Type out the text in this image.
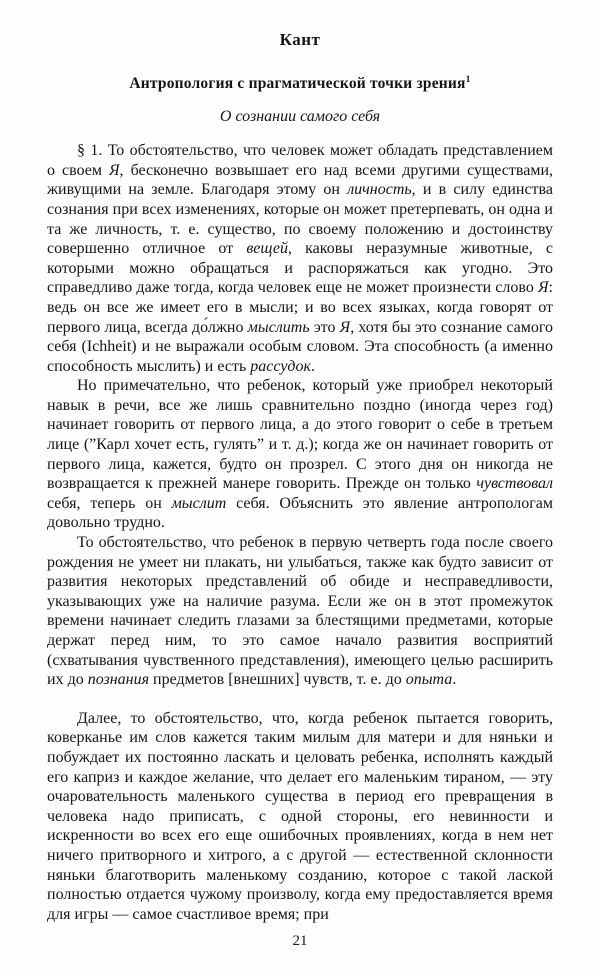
Кант
Антропология с прагматической точки зрения$^1$
О сознании самого себя

§ 1. То обстоятельство, что человек может обладать представлением о своем Я, бесконечно возвышает его над всеми другими существами, живущими на земле. Благодаря этому он личность, и в силу единства сознания при всех изменениях, которые он может претерпевать, он одна и та же личность, т. е. существо, по своему положению и достоинству совершенно отличное от вещей, каковы неразумные животные, с которыми можно обращаться и распоряжаться как угодно. Это справедливо даже тогда, когда человек еще не может произнести слово Я: ведь он все же имеет его в мысли; и во всех языках, когда говорят от первого лица, всегда до́лжно мыслить это Я, хотя бы это сознание самого себя (Ichheit) и не выражали особым словом. Эта способность (а именно способность мыслить) и есть рассудок.

Но примечательно, что ребенок, который уже приобрел некоторый навык в речи, все же лишь сравнительно поздно (иногда через год) начинает говорить от первого лица, а до этого говорит о себе в третьем лице (”Карл хочет есть, гулять” и т. д.); когда же он начинает говорить от первого лица, кажется, будто он прозрел. С этого дня он никогда не возвращается к прежней манере говорить. Прежде он только чувствовал себя, теперь он мыслит себя. Объяснить это явление антропологам довольно трудно.

То обстоятельство, что ребенок в первую четверть года после своего рождения не умеет ни плакать, ни улыбаться, также как будто зависит от развития некоторых представлений об обиде и несправедливости, указывающих уже на наличие разума. Если же он в этот промежуток времени начинает следить глазами за блестящими предметами, которые держат перед ним, то это самое начало развития восприятий (схватывания чувственного представления), имеющего целью расширить их до познания предметов [внешних] чувств, т. е. до опыта.

Далее, то обстоятельство, что, когда ребенок пытается говорить, коверканье им слов кажется таким милым для матери и для няньки и побуждает их постоянно ласкать и целовать ребенка, исполнять каждый его каприз и каждое желание, что делает его маленьким тираном, — эту очаровательность маленького существа в период его превращения в человека надо приписать, с одной стороны, его невинности и искренности во всех его еще ошибочных проявлениях, когда в нем нет ничего притворного и хитрого, а с другой — естественной склонности няньки благотворить маленькому созданию, которое с такой лаской полностью отдается чужому произволу, когда ему предоставляется время для игры — самое счастливое время; при

21
